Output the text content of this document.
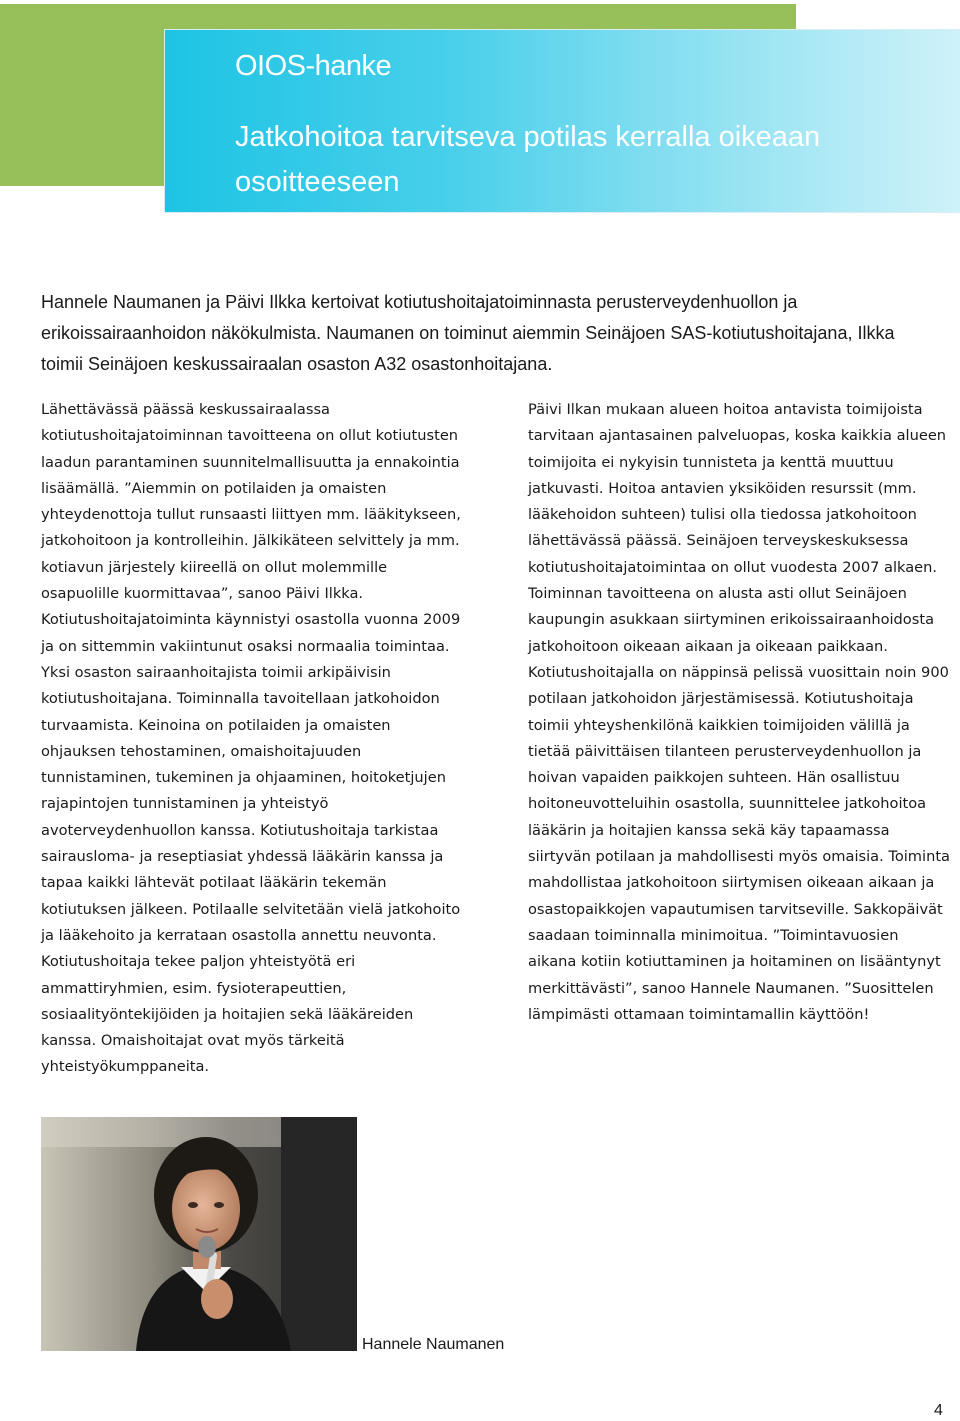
OIOS-hanke
Jatkohoitoa tarvitseva potilas kerralla oikeaan osoitteeseen

Hannele Naumanen ja Päivi Ilkka kertoivat kotiutushoitajatoiminnasta perusterveydenhuollon ja erikoissairaanhoidon näkökulmista. Naumanen on toiminut aiemmin Seinäjoen SAS-kotiutushoitajana, Ilkka toimii Seinäjoen keskussairaalan osaston A32 osastonhoitajana.

Lähettävässä päässä keskussairaalassa kotiutushoitajatoiminnan tavoitteena on ollut kotiutusten laadun parantaminen suunnitelmallisuutta ja ennakointia lisäämällä. ”Aiemmin on potilaiden ja omaisten yhteydenottoja tullut runsaasti liittyen mm. lääkitykseen, jatkohoitoon ja kontrolleihin. Jälkikäteen selvittely ja mm. kotiavun järjestely kiireellä on ollut molemmille osapuolille kuormittavaa”, sanoo Päivi Ilkka. Kotiutushoitajatoiminta käynnistyi osastolla vuonna 2009 ja on sittemmin vakiintunut osaksi normaalia toimintaa. Yksi osaston sairaanhoitajista toimii arkipäivisin kotiutushoitajana. Toiminnalla tavoitellaan jatkohoidon turvaamista. Keinoina on potilaiden ja omaisten ohjauksen tehostaminen, omaishoitajuuden tunnistaminen, tukeminen ja ohjaaminen, hoitoketjujen rajapintojen tunnistaminen ja yhteistyö avoterveydenhuollon kanssa. Kotiutushoitaja tarkistaa sairausloma- ja reseptiasiat yhdessä lääkärin kanssa ja tapaa kaikki lähtevät potilaat lääkärin tekemän kotiutuksen jälkeen. Potilaalle selvitetään vielä jatkohoito ja lääkehoito ja kerrataan osastolla annettu neuvonta. Kotiutushoitaja tekee paljon yhteistyötä eri ammattiryhmien, esim. fysioterapeuttien, sosiaalityöntekijöiden ja hoitajien sekä lääkäreiden kanssa. Omaishoitajat ovat myös tärkeitä yhteistyökumppaneita.

Päivi Ilkan mukaan alueen hoitoa antavista toimijoista tarvitaan ajantasainen palveluopas, koska kaikkia alueen toimijoita ei nykyisin tunnisteta ja kenttä muuttuu jatkuvasti. Hoitoa antavien yksiköiden resurssit (mm. lääkehoidon suhteen) tulisi olla tiedossa jatkohoitoon lähettävässä päässä. Seinäjoen terveyskeskuksessa kotiutushoitajatoimintaa on ollut vuodesta 2007 alkaen. Toiminnan tavoitteena on alusta asti ollut Seinäjoen kaupungin asukkaan siirtyminen erikoissairaanhoidosta jatkohoitoon oikeaan aikaan ja oikeaan paikkaan. Kotiutushoitajalla on näppinsä pelissä vuosittain noin 900 potilaan jatkohoidon järjestämisessä. Kotiutushoitaja toimii yhteyshenkilönä kaikkien toimijoiden välillä ja tietää päivittäisen tilanteen perusterveydenhuollon ja hoivan vapaiden paikkojen suhteen. Hän osallistuu hoitoneuvotteluihin osastolla, suunnittelee jatkohoitoa lääkärin ja hoitajien kanssa sekä käy tapaamassa siirtyvän potilaan ja mahdollisesti myös omaisia. Toiminta mahdollistaa jatkohoitoon siirtymisen oikeaan aikaan ja osastopaikkojen vapautumisen tarvitseville. Sakkopäivät saadaan toiminnalla minimoitua. ”Toimintavuosien aikana kotiin kotiuttaminen ja hoitaminen on lisääntynyt merkittävästi”, sanoo Hannele Naumanen. ”Suosittelen lämpimästi ottamaan toimintamallin käyttöön!

Hannele Naumanen
4
